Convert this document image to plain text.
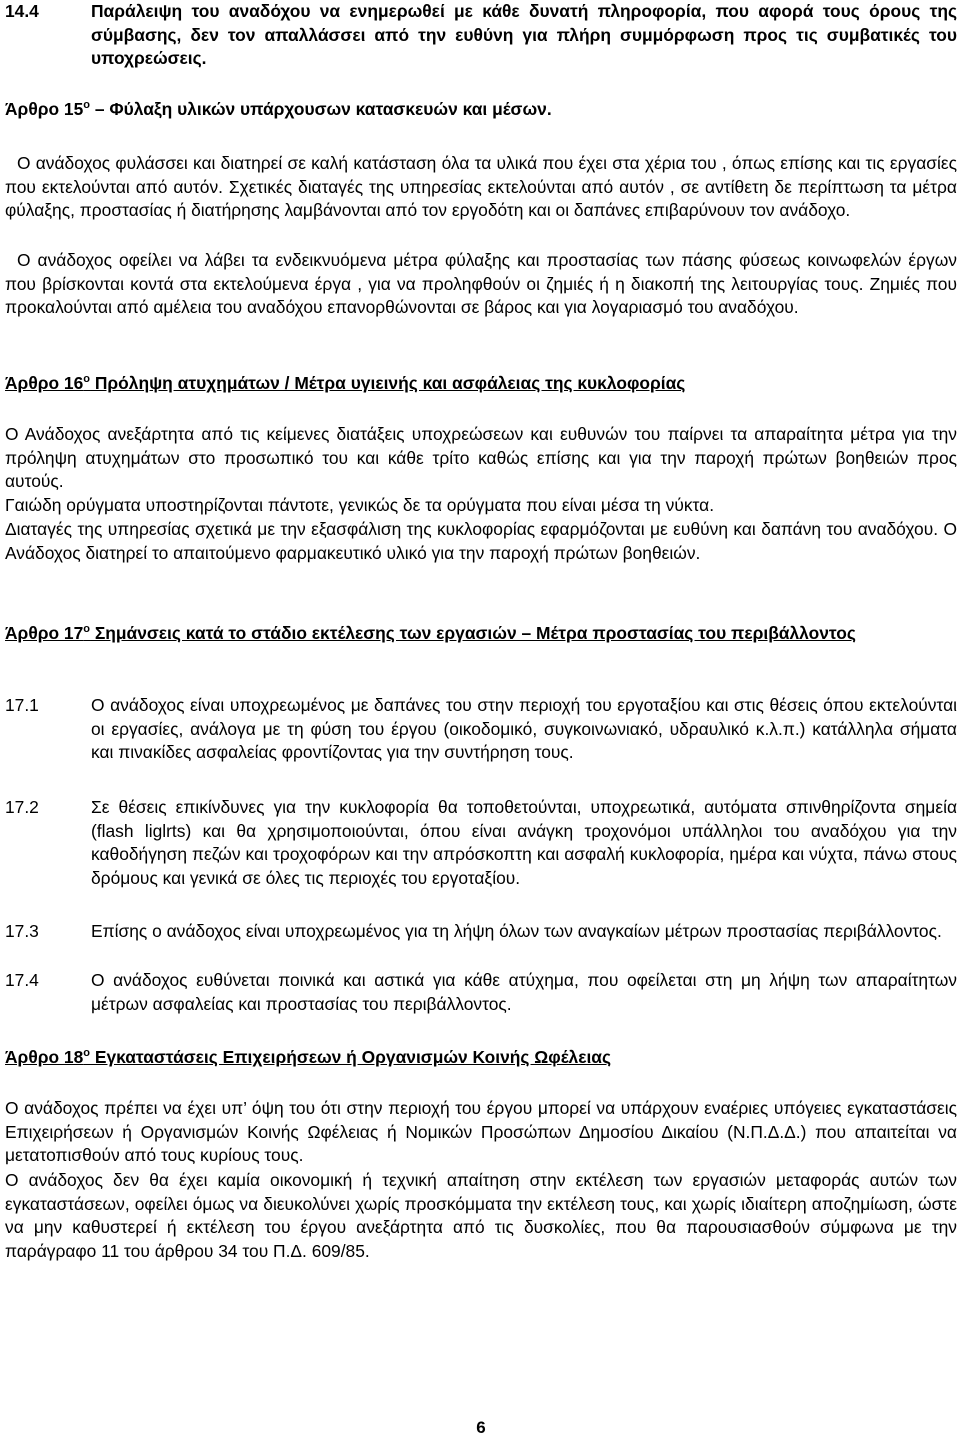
14.4	Παράλειψη του αναδόχου να ενημερωθεί με κάθε δυνατή πληροφορία, που αφορά τους όρους της σύμβασης, δεν τον απαλλάσσει από την ευθύνη για πλήρη συμμόρφωση προς τις συμβατικές του υποχρεώσεις.

Άρθρο $15^o$ – Φύλαξη υλικών υπάρχουσων κατασκευών και μέσων.

Ο ανάδοχος φυλάσσει και διατηρεί σε καλή κατάσταση όλα τα υλικά που έχει στα χέρια του , όπως επίσης και τις εργασίες που εκτελούνται από αυτόν. Σχετικές διαταγές της υπηρεσίας εκτελούνται από αυτόν , σε αντίθετη δε περίπτωση τα μέτρα φύλαξης, προστασίας ή διατήρησης λαμβάνονται από τον εργοδότη και οι δαπάνες επιβαρύνουν τον ανάδοχο.

Ο ανάδοχος οφείλει να λάβει τα ενδεικνυόμενα μέτρα φύλαξης και προστασίας των πάσης φύσεως κοινωφελών έργων που βρίσκονται κοντά στα εκτελούμενα έργα , για να προληφθούν οι ζημιές ή η διακοπή της λειτουργίας τους. Ζημιές που προκαλούνται από αμέλεια του αναδόχου επανορθώνονται σε βάρος και για λογαριασμό του αναδόχου.

Άρθρο $16^o$ Πρόληψη ατυχημάτων / Μέτρα υγιεινής και ασφάλειας της κυκλοφορίας

Ο Ανάδοχος ανεξάρτητα από τις κείμενες διατάξεις υποχρεώσεων και ευθυνών του παίρνει τα απαραίτητα μέτρα για την πρόληψη ατυχημάτων στο προσωπικό του και κάθε τρίτο καθώς επίσης και για την παροχή πρώτων βοηθειών προς αυτούς.

Γαιώδη ορύγματα υποστηρίζονται πάντοτε, γενικώς δε τα ορύγματα που είναι μέσα τη νύκτα.

Διαταγές της υπηρεσίας σχετικά με την εξασφάλιση της κυκλοφορίας εφαρμόζονται με ευθύνη και δαπάνη του αναδόχου. Ο Ανάδοχος διατηρεί το απαιτούμενο φαρμακευτικό υλικό για την παροχή πρώτων βοηθειών.

Άρθρο $17^o$ Σημάνσεις κατά το στάδιο εκτέλεσης των εργασιών – Μέτρα προστασίας του περιβάλλοντος
17.1	Ο ανάδοχος είναι υποχρεωμένος με δαπάνες του στην περιοχή του εργοταξίου και στις θέσεις όπου εκτελούνται οι εργασίες, ανάλογα με τη φύση του έργου (οικοδομικό, συγκοινωνιακό, υδραυλικό κ.λ.π.) κατάλληλα σήματα και πινακίδες ασφαλείας φροντίζοντας για την συντήρηση τους.

17.2	Σε θέσεις επικίνδυνες για την κυκλοφορία θα τοποθετούνται, υποχρεωτικά, αυτόματα σπινθηρίζοντα σημεία (flash liglrts) και θα χρησιμοποιούνται, όπου είναι ανάγκη τροχονόμοι υπάλληλοι του αναδόχου για την καθοδήγηση πεζών και τροχοφόρων και την απρόσκοπτη και ασφαλή κυκλοφορία, ημέρα και νύχτα, πάνω στους δρόμους και γενικά σε όλες τις περιοχές του εργοταξίου.

17.3	Επίσης ο ανάδοχος είναι υποχρεωμένος για τη λήψη όλων των αναγκαίων μέτρων προστασίας περιβάλλοντος.

17.4	Ο ανάδοχος ευθύνεται ποινικά και αστικά για κάθε ατύχημα, που οφείλεται στη μη λήψη των απαραίτητων μέτρων ασφαλείας και προστασίας του περιβάλλοντος.

Άρθρο $18^o$ Εγκαταστάσεις Επιχειρήσεων ή Οργανισμών Κοινής Ωφέλειας

Ο ανάδοχος πρέπει να έχει υπ’ όψη του ότι στην περιοχή του έργου μπορεί να υπάρχουν εναέριες υπόγειες εγκαταστάσεις Επιχειρήσεων ή Οργανισμών Κοινής Ωφέλειας ή Νομικών Προσώπων Δημοσίου Δικαίου (Ν.Π.Δ.Δ.) που απαιτείται να μετατοπισθούν από τους κυρίους τους.

Ο ανάδοχος δεν θα έχει καμία οικονομική ή τεχνική απαίτηση στην εκτέλεση των εργασιών μεταφοράς αυτών των εγκαταστάσεων, οφείλει όμως να διευκολύνει χωρίς προσκόμματα την εκτέλεση τους, και χωρίς ιδιαίτερη αποζημίωση, ώστε να μην καθυστερεί ή εκτέλεση του έργου ανεξάρτητα από τις δυσκολίες, που θα παρουσιασθούν σύμφωνα με την παράγραφο 11 του άρθρου 34 του Π.Δ. 609/85.

6
